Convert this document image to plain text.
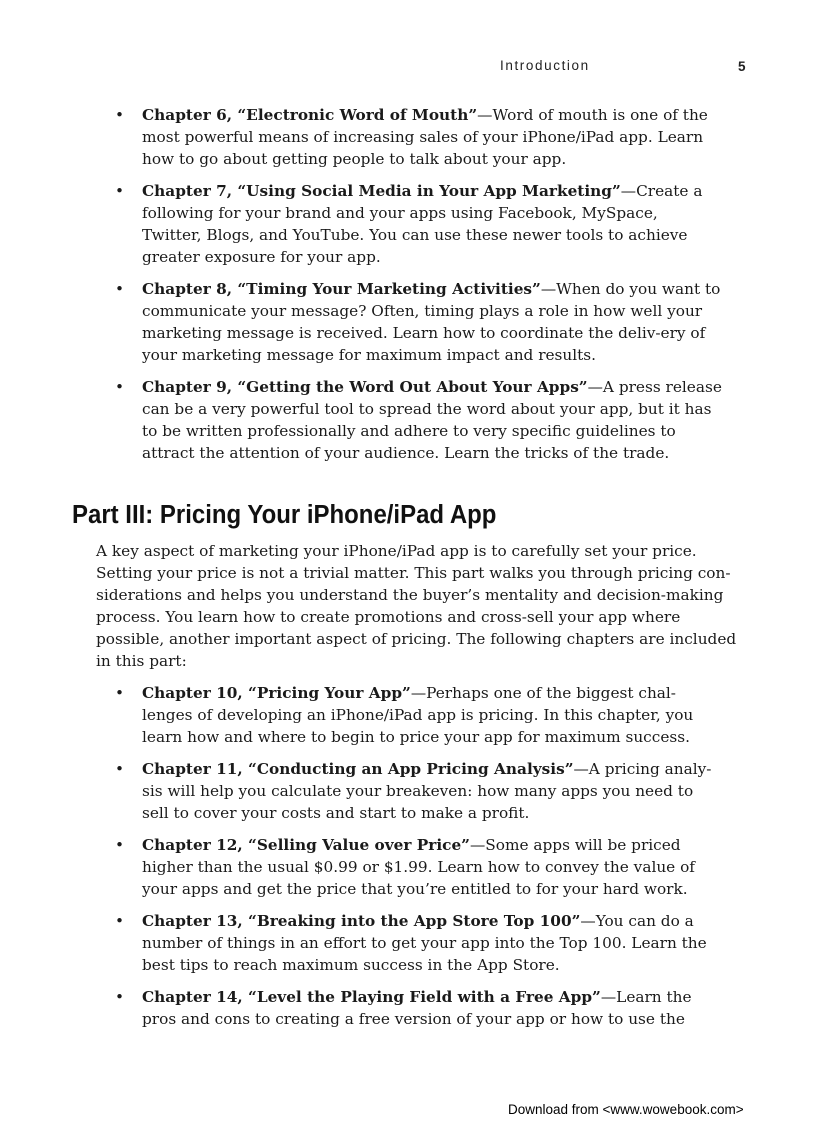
Introduction	5
• Chapter 6, “Electronic Word of Mouth”—Word of mouth is one of the most powerful means of increasing sales of your iPhone/iPad app. Learn how to go about getting people to talk about your app.

• Chapter 7, “Using Social Media in Your App Marketing”—Create a following for your brand and your apps using Facebook, MySpace, Twitter, Blogs, and YouTube. You can use these newer tools to achieve greater exposure for your app.

• Chapter 8, “Timing Your Marketing Activities”—When do you want to communicate your message? Often, timing plays a role in how well your marketing message is received. Learn how to coordinate the deliv-ery of your marketing message for maximum impact and results.

• Chapter 9, “Getting the Word Out About Your Apps”—A press release can be a very powerful tool to spread the word about your app, but it has to be written professionally and adhere to very specific guidelines to attract the attention of your audience. Learn the tricks of the trade.

Part III: Pricing Your iPhone/iPad App

A key aspect of marketing your iPhone/iPad app is to carefully set your price. Setting your price is not a trivial matter. This part walks you through pricing con-siderations and helps you understand the buyer’s mentality and decision-making process. You learn how to create promotions and cross-sell your app where possible, another important aspect of pricing. The following chapters are included in this part:

• Chapter 10, “Pricing Your App”—Perhaps one of the biggest chal-lenges of developing an iPhone/iPad app is pricing. In this chapter, you learn how and where to begin to price your app for maximum success.

• Chapter 11, “Conducting an App Pricing Analysis”—A pricing analy-sis will help you calculate your breakeven: how many apps you need to sell to cover your costs and start to make a profit.

• Chapter 12, “Selling Value over Price”—Some apps will be priced higher than the usual $0.99 or $1.99. Learn how to convey the value of your apps and get the price that you’re entitled to for your hard work.

• Chapter 13, “Breaking into the App Store Top 100”—You can do a number of things in an effort to get your app into the Top 100. Learn the best tips to reach maximum success in the App Store.

• Chapter 14, “Level the Playing Field with a Free App”—Learn the pros and cons to creating a free version of your app or how to use the

Download from <www.wowebook.com>
